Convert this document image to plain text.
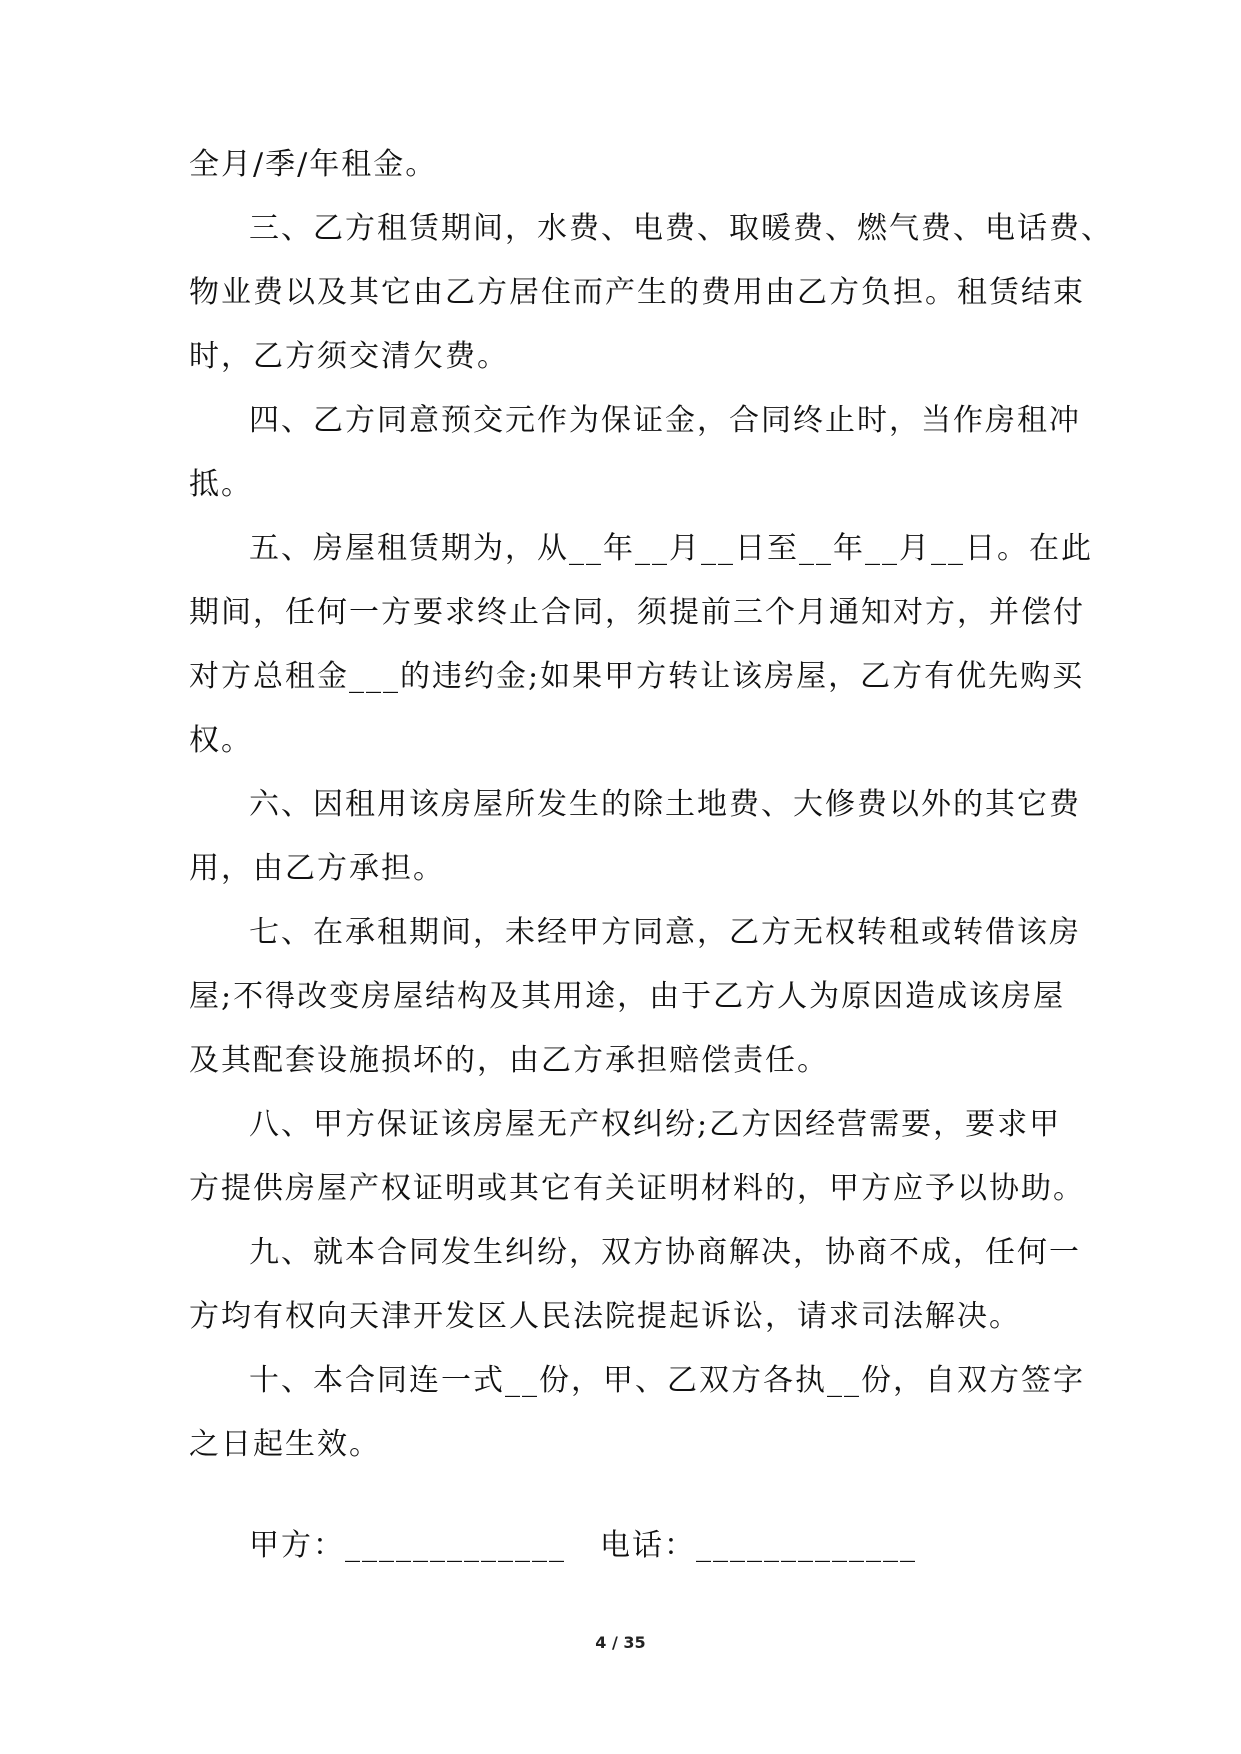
全月/季/年租金。
三、乙方租赁期间，水费、电费、取暖费、燃气费、电话费、
物业费以及其它由乙方居住而产生的费用由乙方负担。租赁结束
时，乙方须交清欠费。
四、乙方同意预交元作为保证金，合同终止时，当作房租冲
抵。
五、房屋租赁期为，从__年__月__日至__年__月__日。在此
期间，任何一方要求终止合同，须提前三个月通知对方，并偿付
对方总租金___的违约金;如果甲方转让该房屋，乙方有优先购买
权。
六、因租用该房屋所发生的除土地费、大修费以外的其它费
用，由乙方承担。
七、在承租期间，未经甲方同意，乙方无权转租或转借该房
屋;不得改变房屋结构及其用途，由于乙方人为原因造成该房屋
及其配套设施损坏的，由乙方承担赔偿责任。
八、甲方保证该房屋无产权纠纷;乙方因经营需要，要求甲
方提供房屋产权证明或其它有关证明材料的，甲方应予以协助。
九、就本合同发生纠纷，双方协商解决，协商不成，任何一
方均有权向天津开发区人民法院提起诉讼，请求司法解决。
十、本合同连一式__份，甲、乙双方各执__份，自双方签字
之日起生效。
甲方：_____________ 电话：_____________
4 / 35
